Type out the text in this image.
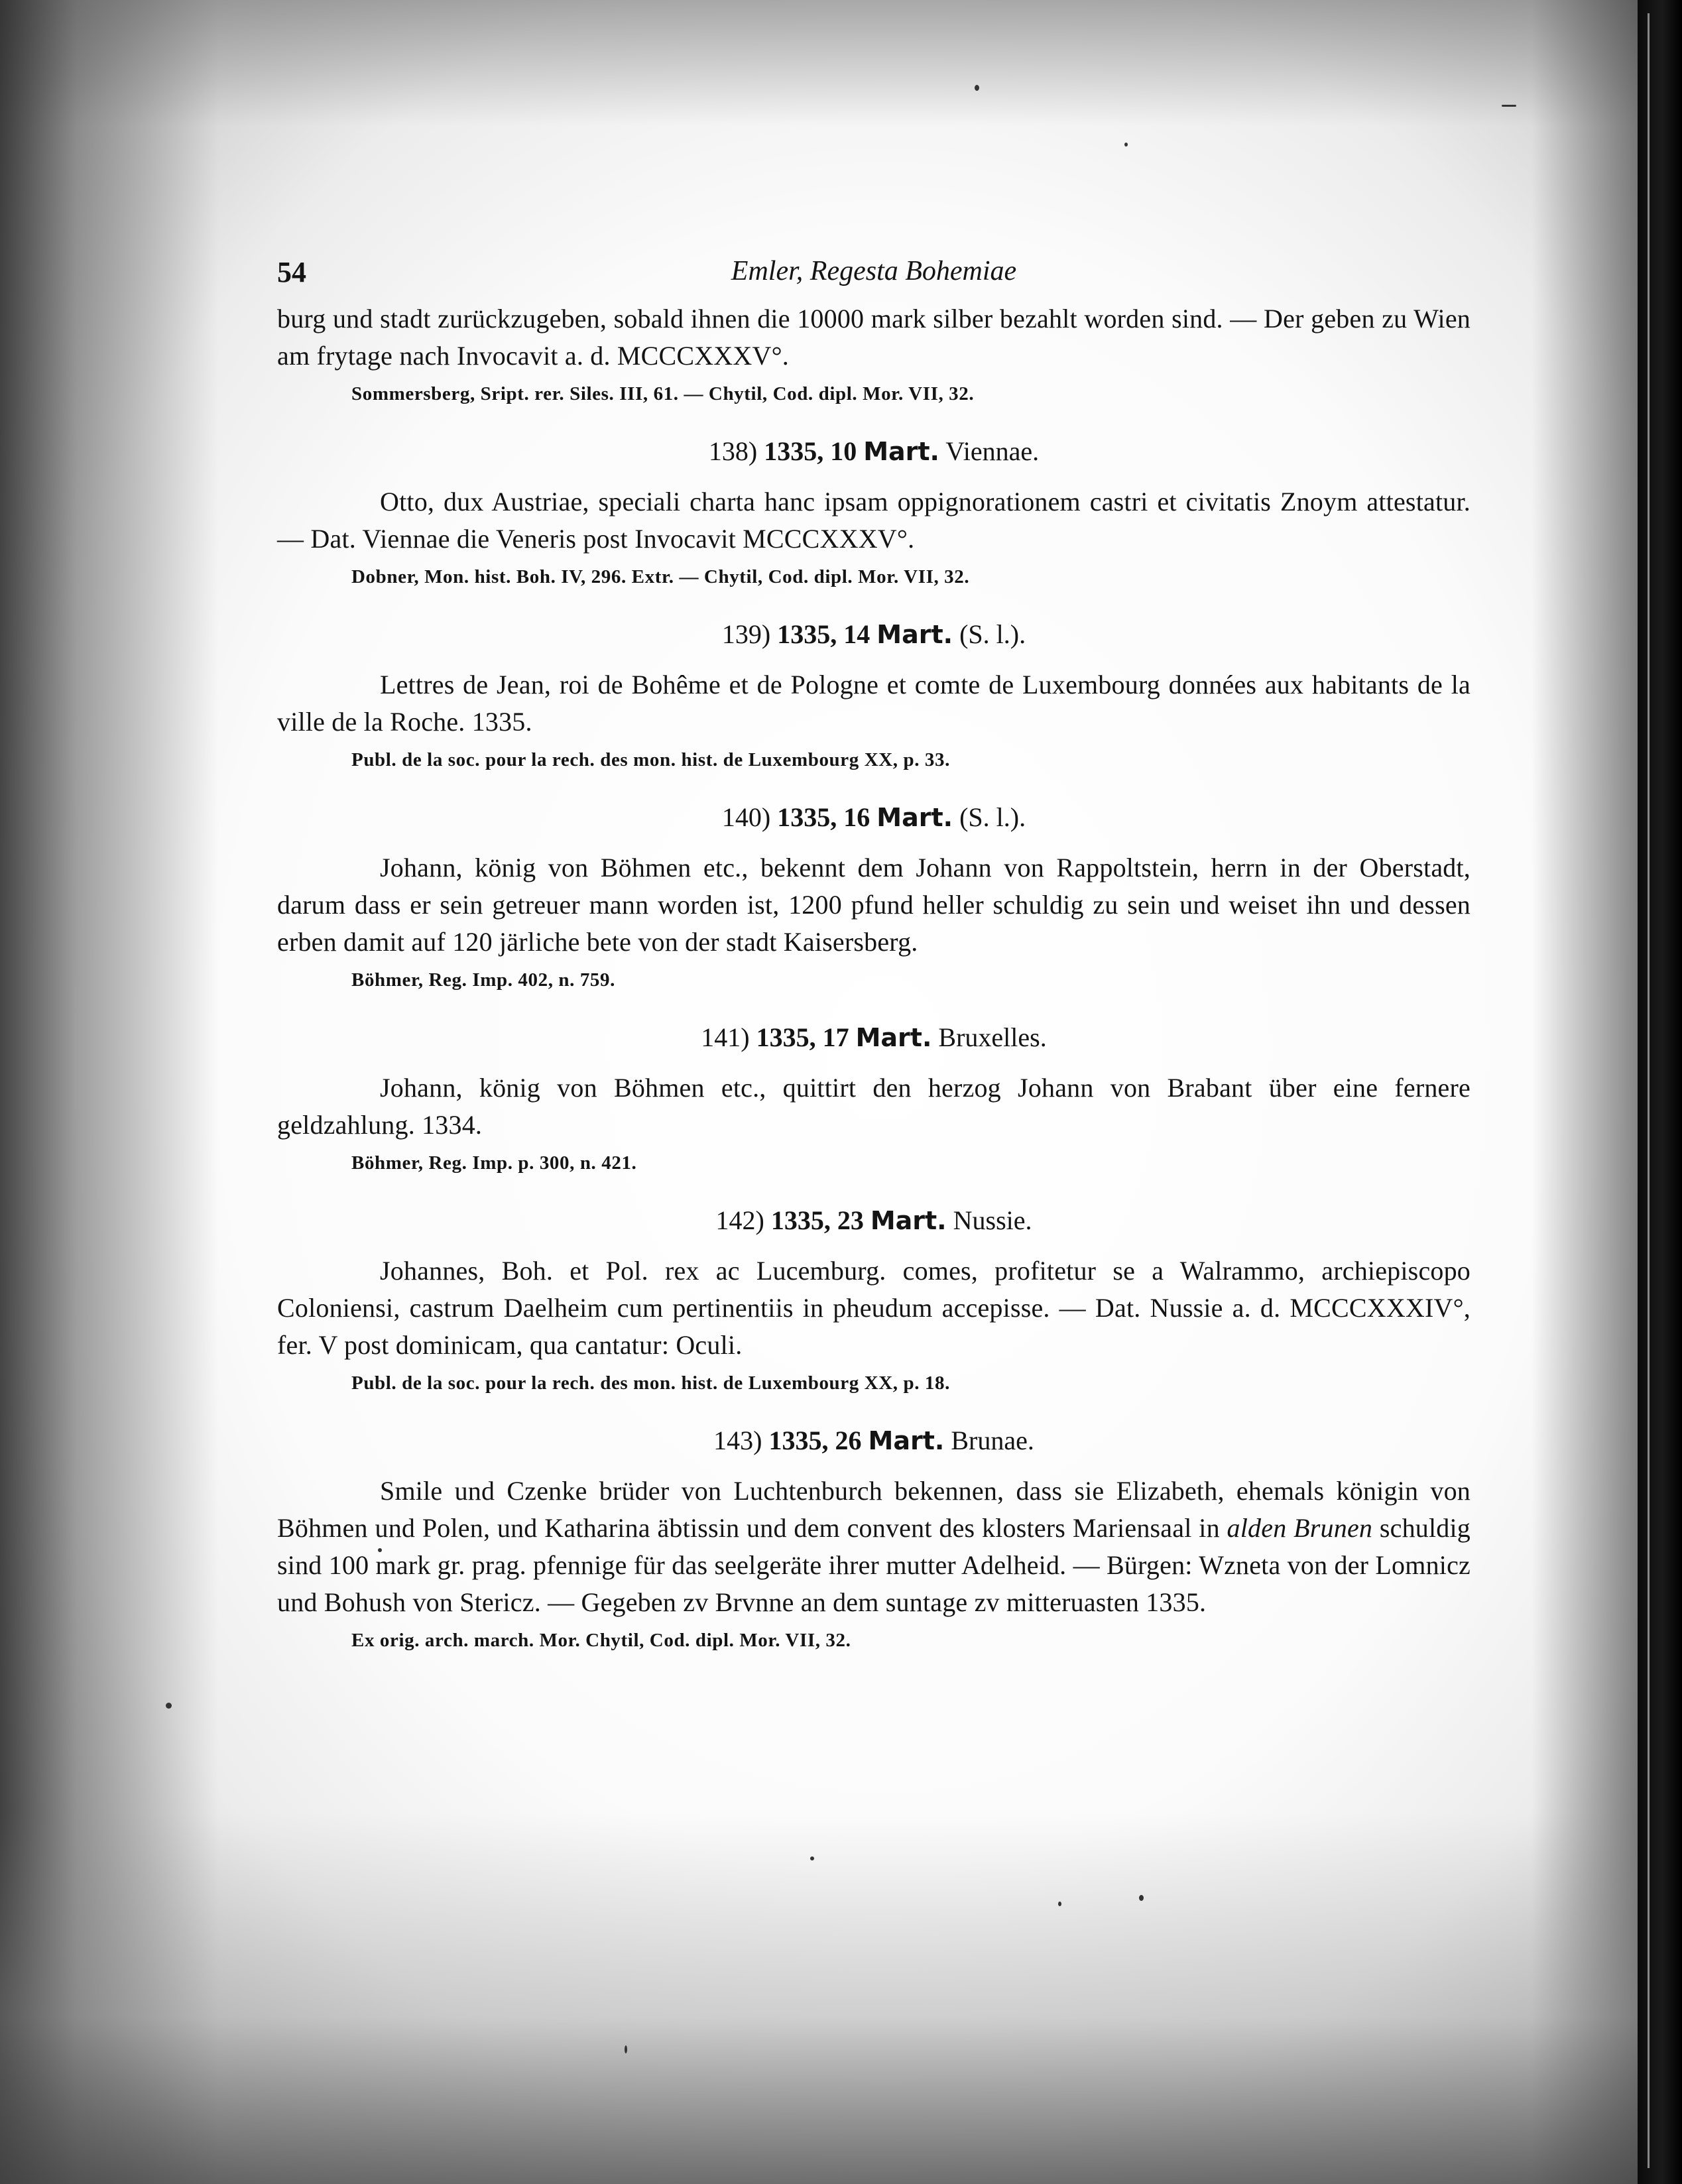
54	Emler, Regesta Bohemiae

burg und stadt zurückzugeben, sobald ihnen die 10000 mark silber bezahlt worden sind. — Der geben zu Wien am frytage nach Invocavit a. d. MCCCXXXV°.

Sommersberg, Sript. rer. Siles. III, 61. — Chytil, Cod. dipl. Mor. VII, 32.
138) 1335, 10 Mart. Viennae.

Otto, dux Austriae, speciali charta hanc ipsam oppignorationem castri et civitatis Znoym attestatur. — Dat. Viennae die Veneris post Invocavit MCCCXXXV°.

Dobner, Mon. hist. Boh. IV, 296. Extr. — Chytil, Cod. dipl. Mor. VII, 32.
139) 1335, 14 Mart. (S. l.).

Lettres de Jean, roi de Bohême et de Pologne et comte de Luxembourg données aux habitants de la ville de la Roche. 1335.

Publ. de la soc. pour la rech. des mon. hist. de Luxembourg XX, p. 33.
140) 1335, 16 Mart. (S. l.).

Johann, könig von Böhmen etc., bekennt dem Johann von Rappoltstein, herrn in der Oberstadt, darum dass er sein getreuer mann worden ist, 1200 pfund heller schuldig zu sein und weiset ihn und dessen erben damit auf 120 järliche bete von der stadt Kaisersberg.

Böhmer, Reg. Imp. 402, n. 759.
141) 1335, 17 Mart. Bruxelles.

Johann, könig von Böhmen etc., quittirt den herzog Johann von Brabant über eine fernere geldzahlung. 1334.

Böhmer, Reg. Imp. p. 300, n. 421.
142) 1335, 23 Mart. Nussie.

Johannes, Boh. et Pol. rex ac Lucemburg. comes, profitetur se a Walrammo, archiepiscopo Coloniensi, castrum Daelheim cum pertinentiis in pheudum accepisse. — Dat. Nussie a. d. MCCCXXXIV°, fer. V post dominicam, qua cantatur: Oculi.

Publ. de la soc. pour la rech. des mon. hist. de Luxembourg XX, p. 18.
143) 1335, 26 Mart. Brunae.

Smile und Czenke brüder von Luchtenburch bekennen, dass sie Elizabeth, ehemals königin von Böhmen und Polen, und Katharina äbtissin und dem convent des klosters Mariensaal in alden Brunen schuldig sind 100 mark gr. prag. pfennige für das seelgeräte ihrer mutter Adelheid. — Bürgen: Wzneta von der Lomnicz und Bohush von Stericz. — Gegeben zv Brvnne an dem suntage zv mitteruasten 1335.

Ex orig. arch. march. Mor. Chytil, Cod. dipl. Mor. VII, 32.
